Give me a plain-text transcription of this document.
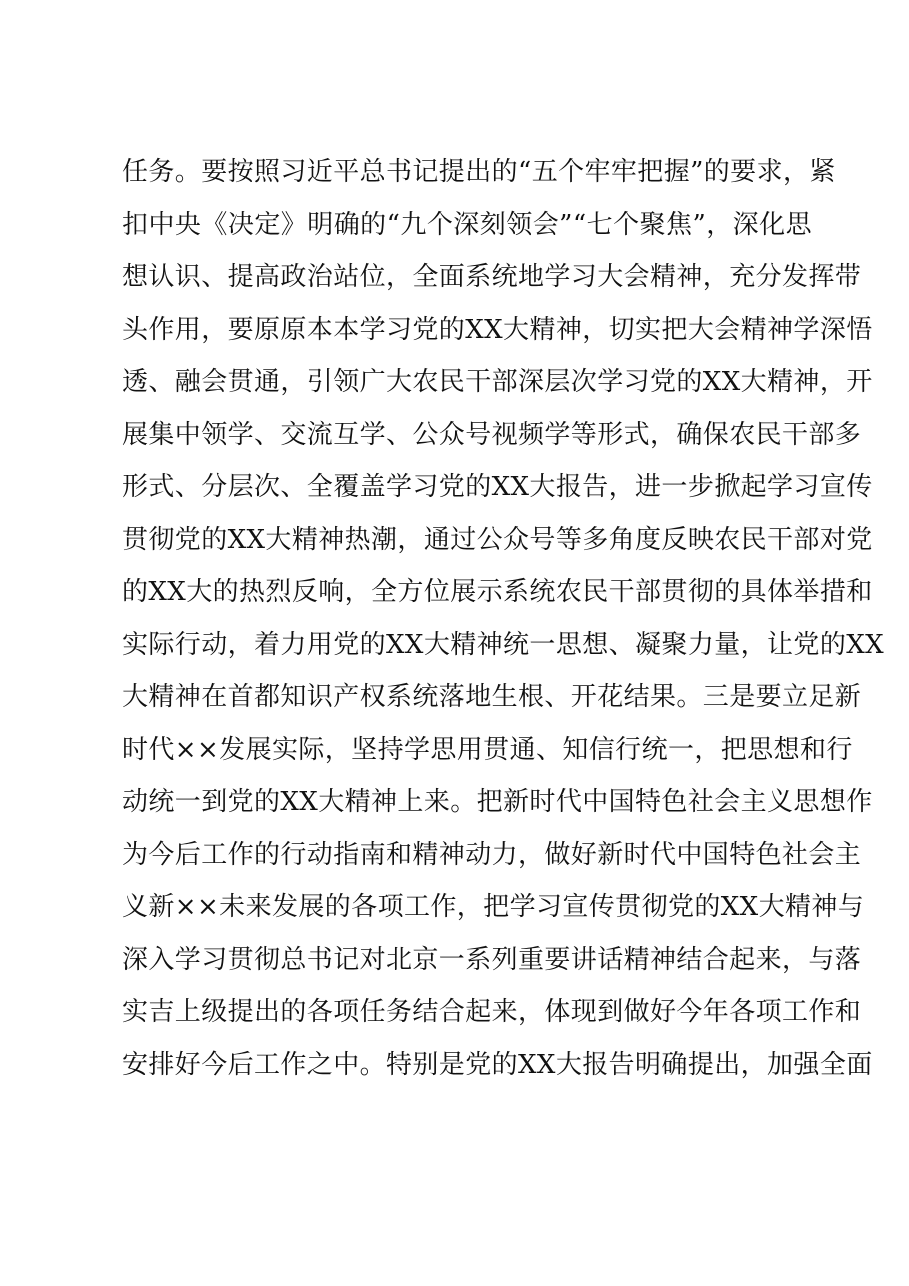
任务。要按照习近平总书记提出的“五个牢牢把握”的要求，紧
扣中央《决定》明确的“九个深刻领会”“七个聚焦”，深化思
想认识、提高政治站位，全面系统地学习大会精神，充分发挥带
头作用，要原原本本学习党的XX大精神，切实把大会精神学深悟
透、融会贯通，引领广大农民干部深层次学习党的XX大精神，开
展集中领学、交流互学、公众号视频学等形式，确保农民干部多
形式、分层次、全覆盖学习党的XX大报告，进一步掀起学习宣传
贯彻党的XX大精神热潮，通过公众号等多角度反映农民干部对党
的XX大的热烈反响，全方位展示系统农民干部贯彻的具体举措和
实际行动，着力用党的XX大精神统一思想、凝聚力量，让党的XX
大精神在首都知识产权系统落地生根、开花结果。三是要立足新
时代××发展实际，坚持学思用贯通、知信行统一，把思想和行
动统一到党的XX大精神上来。把新时代中国特色社会主义思想作
为今后工作的行动指南和精神动力，做好新时代中国特色社会主
义新××未来发展的各项工作，把学习宣传贯彻党的XX大精神与
深入学习贯彻总书记对北京一系列重要讲话精神结合起来，与落
实吉上级提出的各项任务结合起来，体现到做好今年各项工作和
安排好今后工作之中。特别是党的XX大报告明确提出，加强全面
